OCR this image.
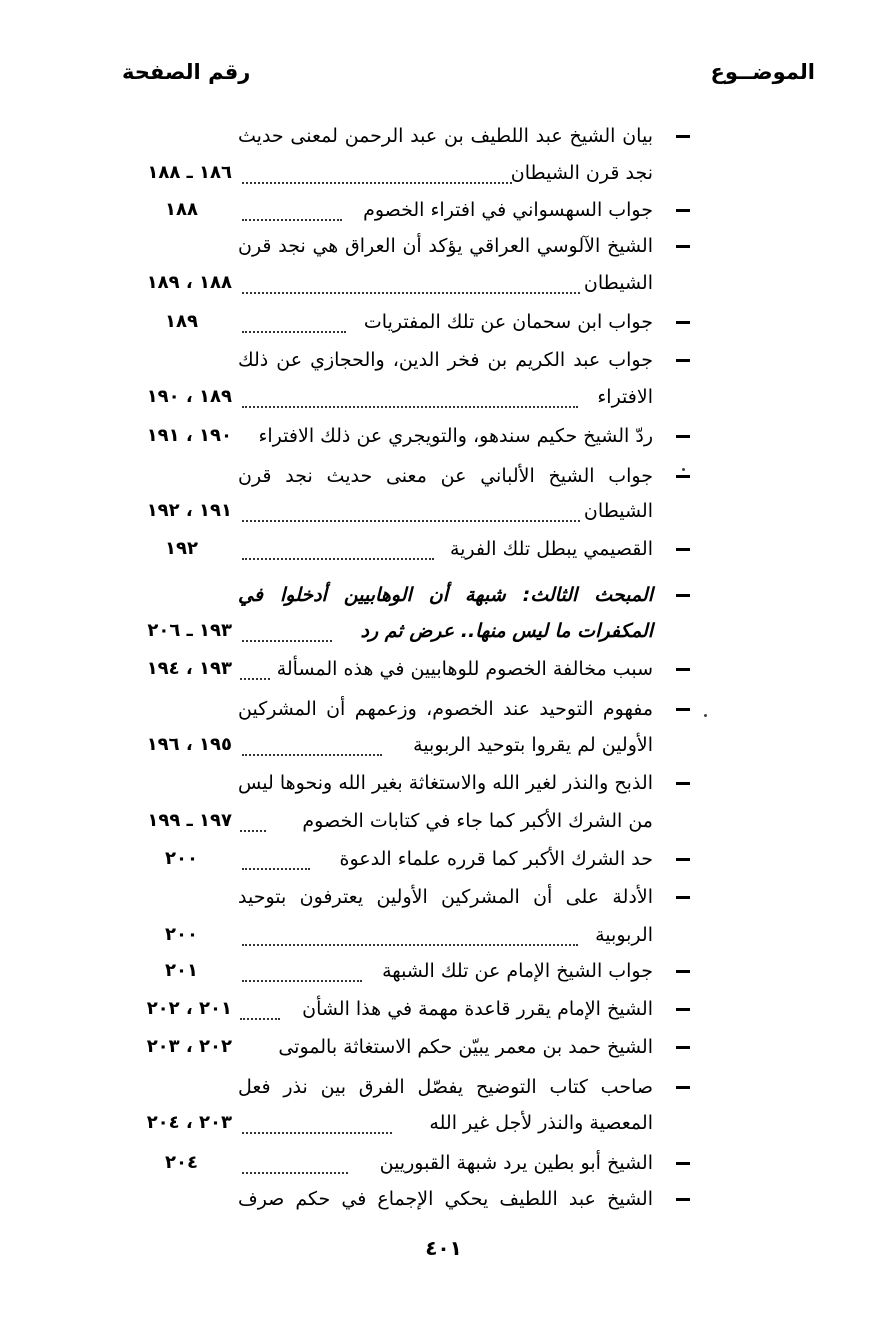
الموضــوع
رقم الصفحة
بيان الشيخ عبد اللطيف بن عبد الرحمن لمعنى حديث
نجد قرن الشيطان
١٨٦ ـ ١٨٨
جواب السهسواني في افتراء الخصوم
١٨٨
الشيخ الآلوسي العراقي يؤكد أن العراق هي نجد قرن
الشيطان
١٨٨ ، ١٨٩
جواب ابن سحمان عن تلك المفتريات
١٨٩
جواب عبد الكريم بن فخر الدين، والحجازي عن ذلك
الافتراء
١٨٩ ، ١٩٠
ردّ الشيخ حكيم سندهو، والتويجري عن ذلك الافتراء
١٩٠ ، ١٩١
جواب الشيخ الألباني عن معنى حديث نجد قرن
الشيطان
١٩١ ، ١٩٢
القصيمي يبطل تلك الفرية
١٩٢
المبحث الثالث: شبهة أن الوهابيين أدخلوا في
المكفرات ما ليس منها.. عرض ثم رد
١٩٣ ـ ٢٠٦
سبب مخالفة الخصوم للوهابيين في هذه المسألة
١٩٣ ، ١٩٤
مفهوم التوحيد عند الخصوم، وزعمهم أن المشركين
الأولين لم يقروا بتوحيد الربوبية
١٩٥ ، ١٩٦
الذبح والنذر لغير الله والاستغاثة بغير الله ونحوها ليس
من الشرك الأكبر كما جاء في كتابات الخصوم
١٩٧ ـ ١٩٩
حد الشرك الأكبر كما قرره علماء الدعوة
٢٠٠
الأدلة على أن المشركين الأولين يعترفون بتوحيد
الربوبية
٢٠٠
جواب الشيخ الإمام عن تلك الشبهة
٢٠١
الشيخ الإمام يقرر قاعدة مهمة في هذا الشأن
٢٠١ ، ٢٠٢
الشيخ حمد بن معمر يبيّن حكم الاستغاثة بالموتى
٢٠٢ ، ٢٠٣
صاحب كتاب التوضيح يفصّل الفرق بين نذر فعل
المعصية والنذر لأجل غير الله
٢٠٣ ، ٢٠٤
الشيخ أبو بطين يرد شبهة القبوريين
٢٠٤
الشيخ عبد اللطيف يحكي الإجماع في حكم صرف
٤٠١
